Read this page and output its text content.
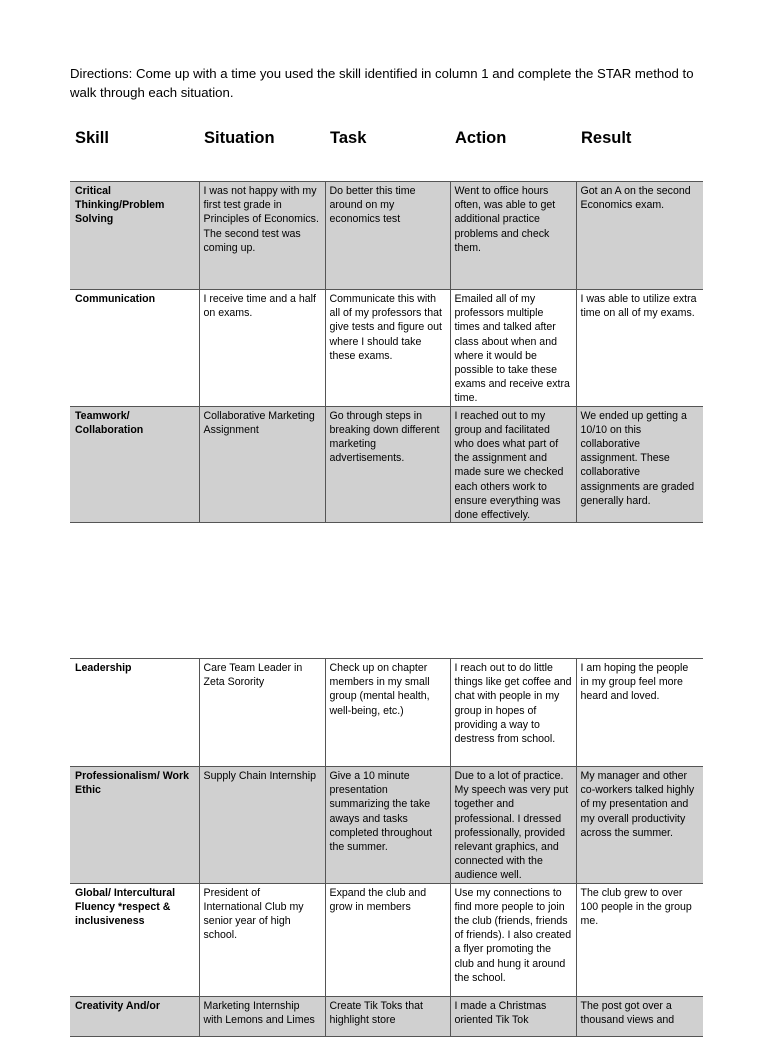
Directions: Come up with a time you used the skill identified in column 1 and complete the STAR method to walk through each situation.
Skill	Situation	Task	Action	Result
Critical Thinking/Problem Solving	I was not happy with my first test grade in Principles of Economics. The second test was coming up.	Do better this time around on my economics test	Went to office hours often, was able to get additional practice problems and check them.	Got an A on the second Economics exam.
Communication	I receive time and a half on exams.	Communicate this with all of my professors that give tests and figure out where I should take these exams.	Emailed all of my professors multiple times and talked after class about when and where it would be possible to take these exams and receive extra time.	I was able to utilize extra time on all of my exams.
Teamwork/ Collaboration	Collaborative Marketing Assignment	Go through steps in breaking down different marketing advertisements.	I reached out to my group and facilitated who does what part of the assignment and made sure we checked each others work to ensure everything was done effectively.	We ended up getting a 10/10 on this collaborative assignment. These collaborative assignments are graded generally hard.
Leadership	Care Team Leader in Zeta Sorority	Check up on chapter members in my small group (mental health, well-being, etc.)	I reach out to do little things like get coffee and chat with people in my group in hopes of providing a way to destress from school.	I am hoping the people in my group feel more heard and loved.
Professionalism/ Work Ethic	Supply Chain Internship	Give a 10 minute presentation summarizing the take aways and tasks completed throughout the summer.	Due to a lot of practice. My speech was very put together and professional. I dressed professionally, provided relevant graphics, and connected with the audience well.	My manager and other co-workers talked highly of my presentation and my overall productivity across the summer.
Global/ Intercultural Fluency *respect & inclusiveness	President of International Club my senior year of high school.	Expand the club and grow in members	Use my connections to find more people to join the club (friends, friends of friends). I also created a flyer promoting the club and hung it around the school.	The club grew to over 100 people in the group me.
Creativity And/or	Marketing Internship with Lemons and Limes	Create Tik Toks that highlight store	I made a Christmas oriented Tik Tok	The post got over a thousand views and
